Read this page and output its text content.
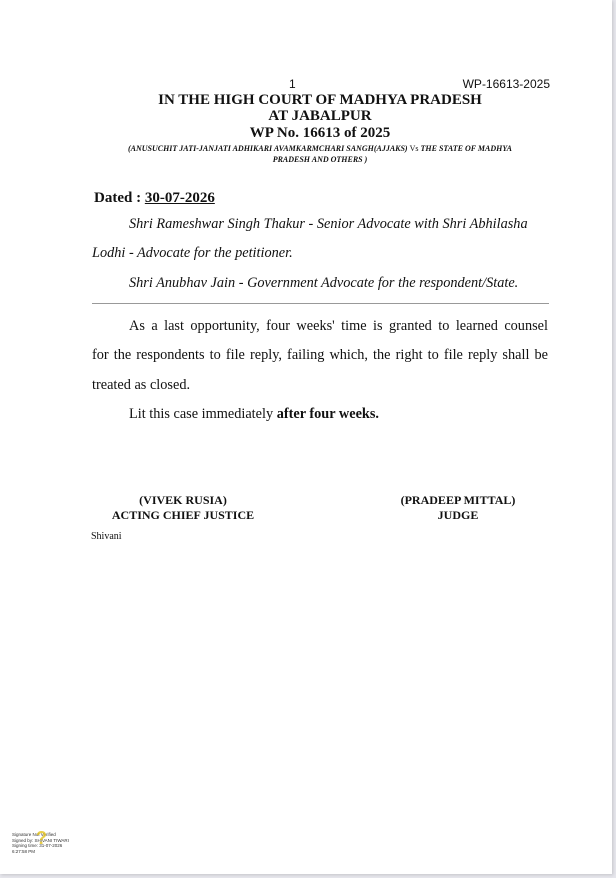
1	WP-16613-2025
IN THE HIGH COURT OF MADHYA PRADESH
AT JABALPUR
WP No. 16613 of 2025
(ANUSUCHIT JATI-JANJATI ADHIKARI AVAMKARMCHARI SANGH(AJJAKS) Vs THE STATE OF MADHYA
PRADESH AND OTHERS )
Dated : 30-07-2026
Shri Rameshwar Singh Thakur - Senior Advocate with Shri Abhilasha
Lodhi - Advocate for the petitioner.
Shri Anubhav Jain - Government Advocate for the respondent/State.
As a last opportunity, four weeks' time is granted to learned counsel
for the respondents to file reply, failing which, the right to file reply shall be
treated as closed.
Lit this case immediately after four weeks.
(VIVEK RUSIA)
ACTING CHIEF JUSTICE
(PRADEEP MITTAL)
JUDGE
Shivani
?
Signature Not Verified
Signed by: SHIVANI TIWARI
Signing time: 31-07-2026
6:27:58 PM
